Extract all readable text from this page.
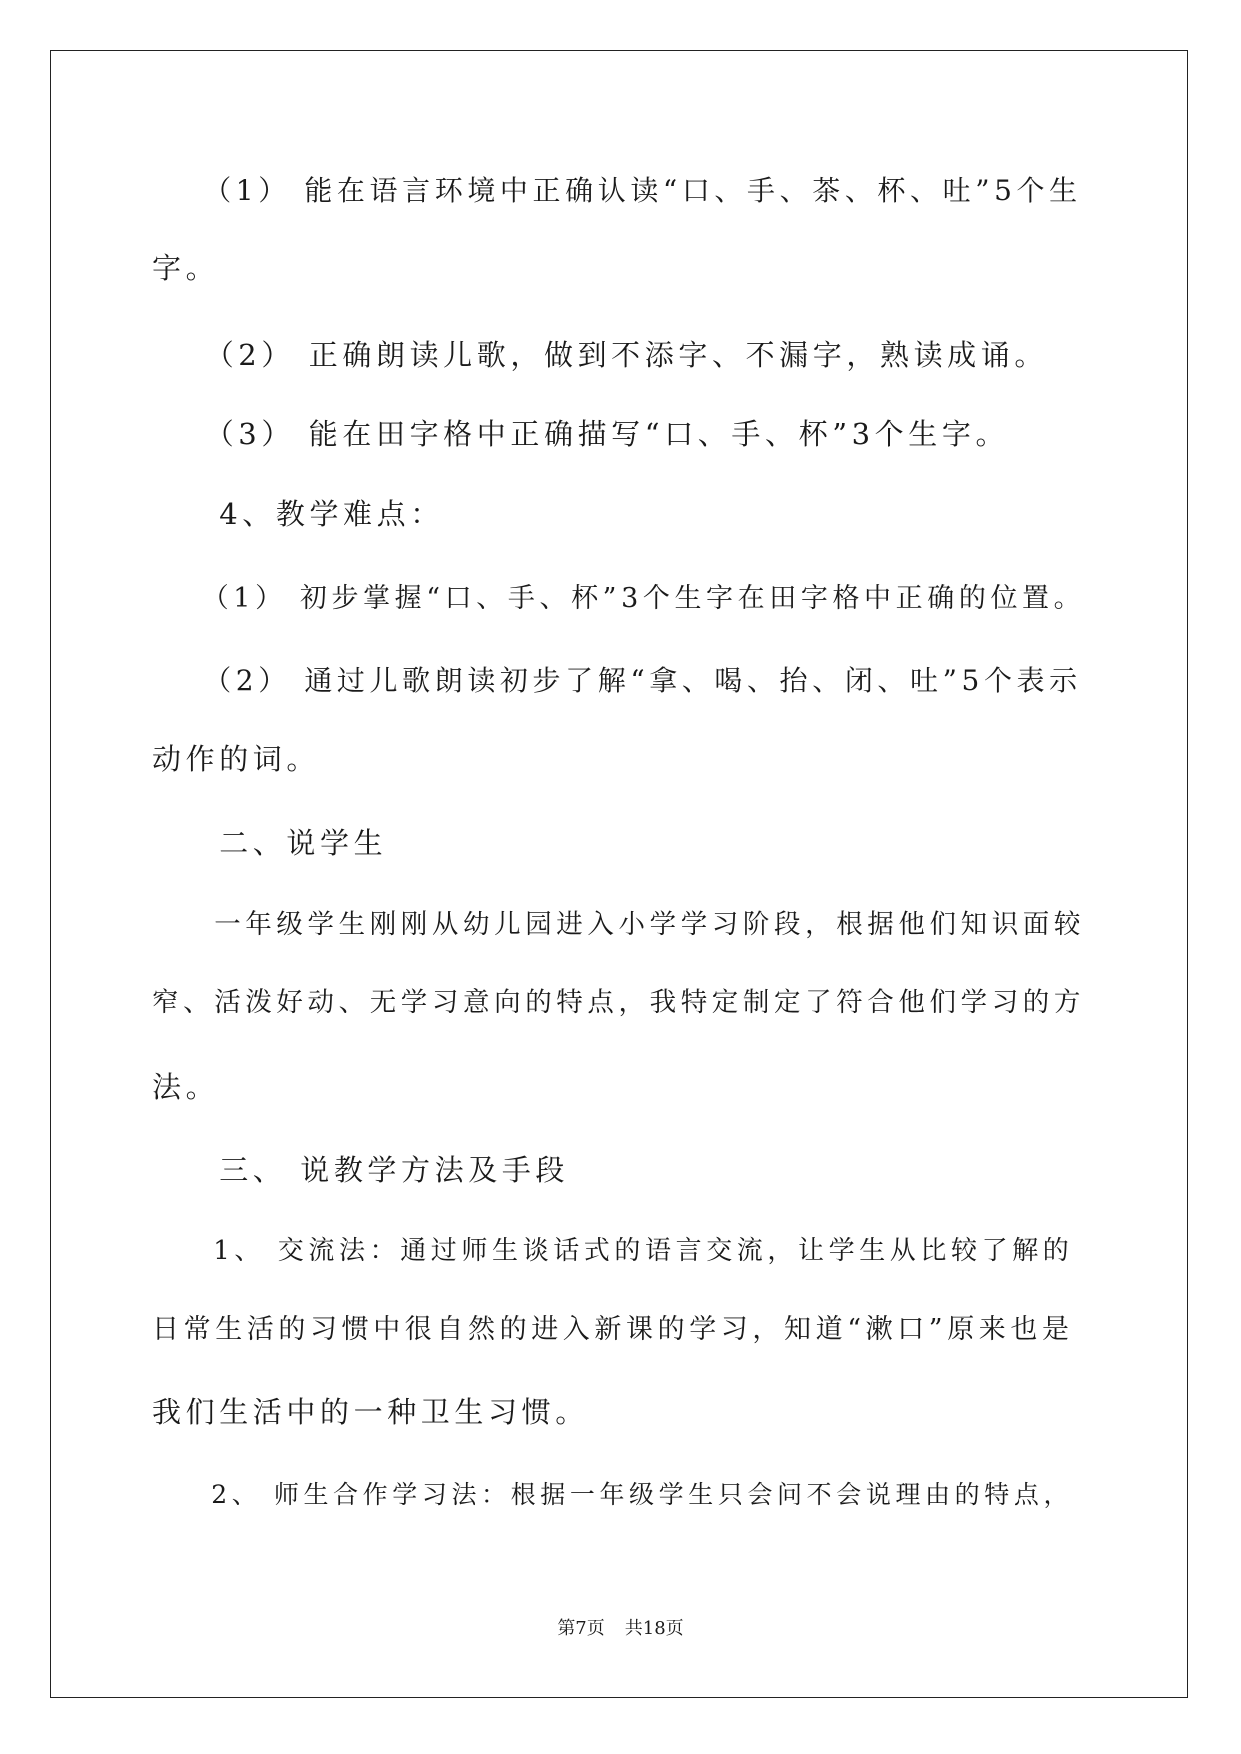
　　（1） 能在语言环境中正确认读“口、手、茶、杯、吐”5个生

字。

　　（2） 正确朗读儿歌，做到不添字、不漏字，熟读成诵。

　　（3） 能在田字格中正确描写“口、手、杯”3个生字。

　　4、教学难点：

　　（1） 初步掌握“口、手、杯”3个生字在田字格中正确的位置。

　　（2） 通过儿歌朗读初步了解“拿、喝、抬、闭、吐”5个表示

动作的词。

　　二、说学生

　　一年级学生刚刚从幼儿园进入小学学习阶段，根据他们知识面较

窄、活泼好动、无学习意向的特点，我特定制定了符合他们学习的方

法。

　　三、 说教学方法及手段

　　1、 交流法：通过师生谈话式的语言交流，让学生从比较了解的

日常生活的习惯中很自然的进入新课的学习，知道“漱口”原来也是

我们生活中的一种卫生习惯。

　　2、 师生合作学习法：根据一年级学生只会问不会说理由的特点，

第7页 共18页
